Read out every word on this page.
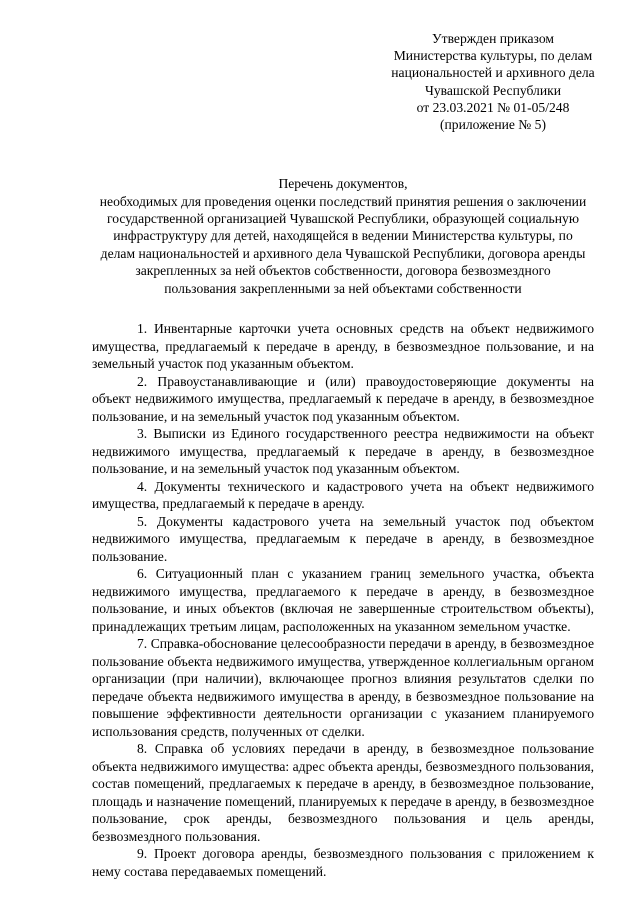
Утвержден приказом
Министерства культуры, по делам
национальностей и архивного дела
Чувашской Республики
от 23.03.2021 № 01-05/248
(приложение № 5)
Перечень документов,
необходимых для проведения оценки последствий принятия решения о заключении
государственной организацией Чувашской Республики, образующей социальную
инфраструктуру для детей, находящейся в ведении Министерства культуры, по
делам национальностей и архивного дела Чувашской Республики, договора аренды
закрепленных за ней объектов собственности, договора безвозмездного
пользования закрепленными за ней объектами собственности

1. Инвентарные карточки учета основных средств на объект недвижимого имущества, предлагаемый к передаче в аренду, в безвозмездное пользование, и на земельный участок под указанным объектом.

2. Правоустанавливающие и (или) правоудостоверяющие документы на объект недвижимого имущества, предлагаемый к передаче в аренду, в безвозмездное пользование, и на земельный участок под указанным объектом.

3. Выписки из Единого государственного реестра недвижимости на объект недвижимого имущества, предлагаемый к передаче в аренду, в безвозмездное пользование, и на земельный участок под указанным объектом.

4. Документы технического и кадастрового учета на объект недвижимого имущества, предлагаемый к передаче в аренду.

5. Документы кадастрового учета на земельный участок под объектом недвижимого имущества, предлагаемым к передаче в аренду, в безвозмездное пользование.

6. Ситуационный план с указанием границ земельного участка, объекта недвижимого имущества, предлагаемого к передаче в аренду, в безвозмездное пользование, и иных объектов (включая не завершенные строительством объекты), принадлежащих третьим лицам, расположенных на указанном земельном участке.

7. Справка-обоснование целесообразности передачи в аренду, в безвозмездное пользование объекта недвижимого имущества, утвержденное коллегиальным органом организации (при наличии), включающее прогноз влияния результатов сделки по передаче объекта недвижимого имущества в аренду, в безвозмездное пользование на повышение эффективности деятельности организации с указанием планируемого использования средств, полученных от сделки.

8. Справка об условиях передачи в аренду, в безвозмездное пользование объекта недвижимого имущества: адрес объекта аренды, безвозмездного пользования, состав помещений, предлагаемых к передаче в аренду, в безвозмездное пользование, площадь и назначение помещений, планируемых к передаче в аренду, в безвозмездное пользование, срок аренды, безвозмездного пользования и цель аренды, безвозмездного пользования.

9. Проект договора аренды, безвозмездного пользования с приложением к нему состава передаваемых помещений.
